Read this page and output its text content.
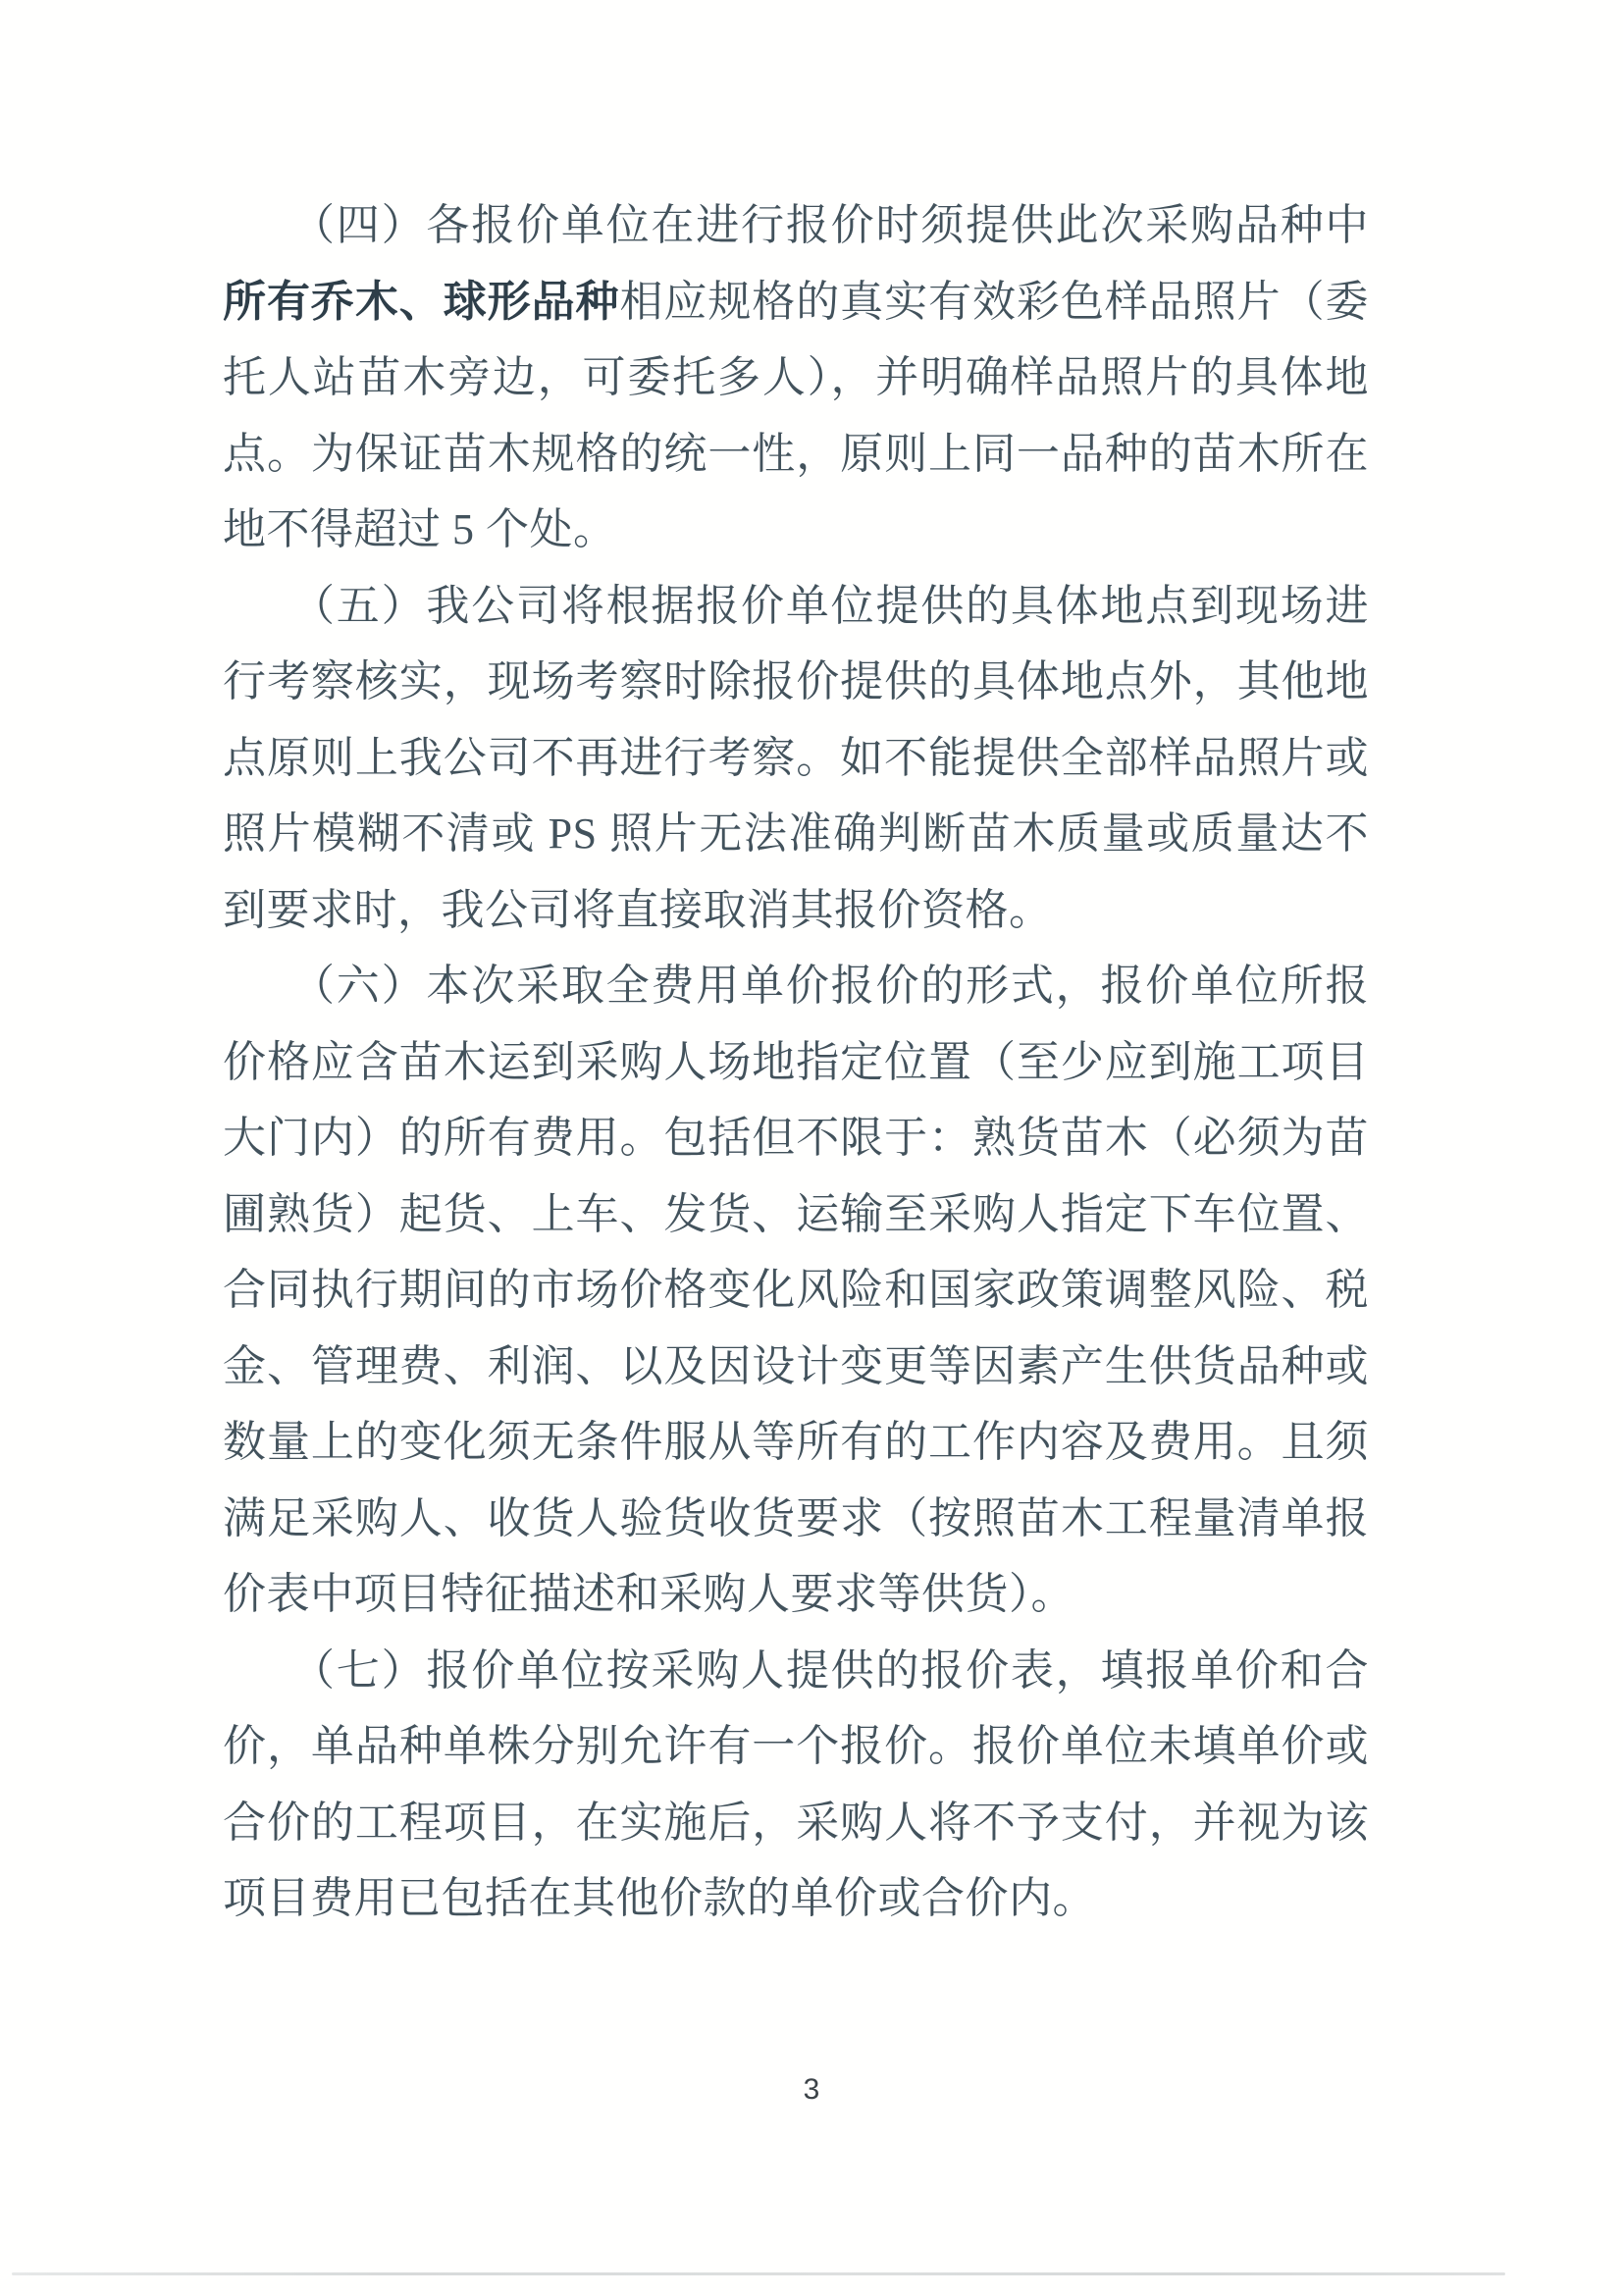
（四）各报价单位在进行报价时须提供此次采购品种中
所有乔木、球形品种相应规格的真实有效彩色样品照片（委
托人站苗木旁边，可委托多人），并明确样品照片的具体地
点。为保证苗木规格的统一性，原则上同一品种的苗木所在
地不得超过 5 个处。
（五）我公司将根据报价单位提供的具体地点到现场进
行考察核实，现场考察时除报价提供的具体地点外，其他地
点原则上我公司不再进行考察。如不能提供全部样品照片或
照片模糊不清或 PS 照片无法准确判断苗木质量或质量达不
到要求时，我公司将直接取消其报价资格。
（六）本次采取全费用单价报价的形式，报价单位所报
价格应含苗木运到采购人场地指定位置（至少应到施工项目
大门内）的所有费用。包括但不限于：熟货苗木（必须为苗
圃熟货）起货、上车、发货、运输至采购人指定下车位置、
合同执行期间的市场价格变化风险和国家政策调整风险、税
金、管理费、利润、以及因设计变更等因素产生供货品种或
数量上的变化须无条件服从等所有的工作内容及费用。且须
满足采购人、收货人验货收货要求（按照苗木工程量清单报
价表中项目特征描述和采购人要求等供货）。
（七）报价单位按采购人提供的报价表，填报单价和合
价，单品种单株分别允许有一个报价。报价单位未填单价或
合价的工程项目，在实施后，采购人将不予支付，并视为该
项目费用已包括在其他价款的单价或合价内。
3
